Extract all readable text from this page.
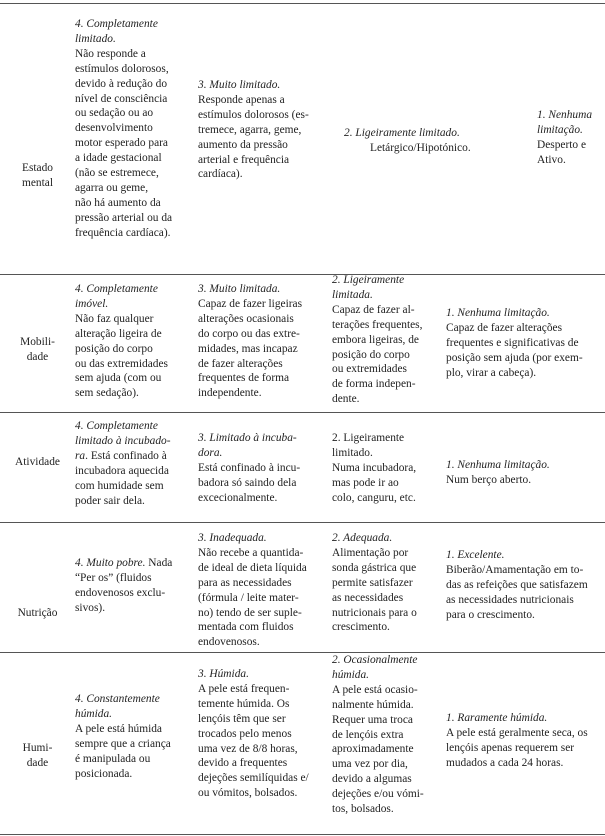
Estado
mental
4. Completamente
limitado.
Não responde a
estímulos dolorosos,
devido à redução do
nível de consciência
ou sedação ou ao
desenvolvimento
motor esperado para
a idade gestacional
(não se estremece,
agarra ou geme,
não há aumento da
pressão arterial ou da
frequência cardíaca).
3. Muito limitado.
Responde apenas a
estímulos dolorosos (es-
tremece, agarra, geme,
aumento da pressão
arterial e frequência
cardíaca).
2. Ligeiramente limitado.
Letárgico/Hipotónico.
1. Nenhuma
limitação.
Desperto e
Ativo.
Mobili-
dade
4. Completamente
imóvel.
Não faz qualquer
alteração ligeira de
posição do corpo
ou das extremidades
sem ajuda (com ou
sem sedação).
3. Muito limitada.
Capaz de fazer ligeiras
alterações ocasionais
do corpo ou das extre-
midades, mas incapaz
de fazer alterações
frequentes de forma
independente.
2. Ligeiramente
limitada.
Capaz de fazer al-
terações frequentes,
embora ligeiras, de
posição do corpo
ou extremidades
de forma indepen-
dente.
1. Nenhuma limitação.
Capaz de fazer alterações
frequentes e significativas de
posição sem ajuda (por exem-
plo, virar a cabeça).
Atividade
4. Completamente
limitado à incubado-
ra. Está confinado à
incubadora aquecida
com humidade sem
poder sair dela.
3. Limitado à incuba-
dora.
Está confinado à incu-
badora só saindo dela
excecionalmente.
2. Ligeiramente
limitado.
Numa incubadora,
mas pode ir ao
colo, canguru, etc.
1. Nenhuma limitação.
Num berço aberto.
Nutrição
4. Muito pobre. Nada
“Per os” (fluidos
endovenosos exclu-
sivos).
3. Inadequada.
Não recebe a quantida-
de ideal de dieta líquida
para as necessidades
(fórmula / leite mater-
no) tendo de ser suple-
mentada com fluidos
endovenosos.
2. Adequada.
Alimentação por
sonda gástrica que
permite satisfazer
as necessidades
nutricionais para o
crescimento.
1. Excelente.
Biberão/Amamentação em to-
das as refeições que satisfazem
as necessidades nutricionais
para o crescimento.
Humi-
dade
4. Constantemente
húmida.
A pele está húmida
sempre que a criança
é manipulada ou
posicionada.
3. Húmida.
A pele está frequen-
temente húmida. Os
lençóis têm que ser
trocados pelo menos
uma vez de 8/8 horas,
devido a frequentes
dejeções semilíquidas e/
ou vómitos, bolsados.
2. Ocasionalmente
húmida.
A pele está ocasio-
nalmente húmida.
Requer uma troca
de lençóis extra
aproximadamente
uma vez por dia,
devido a algumas
dejeções e/ou vómi-
tos, bolsados.
1. Raramente húmida.
A pele está geralmente seca, os
lençóis apenas requerem ser
mudados a cada 24 horas.
